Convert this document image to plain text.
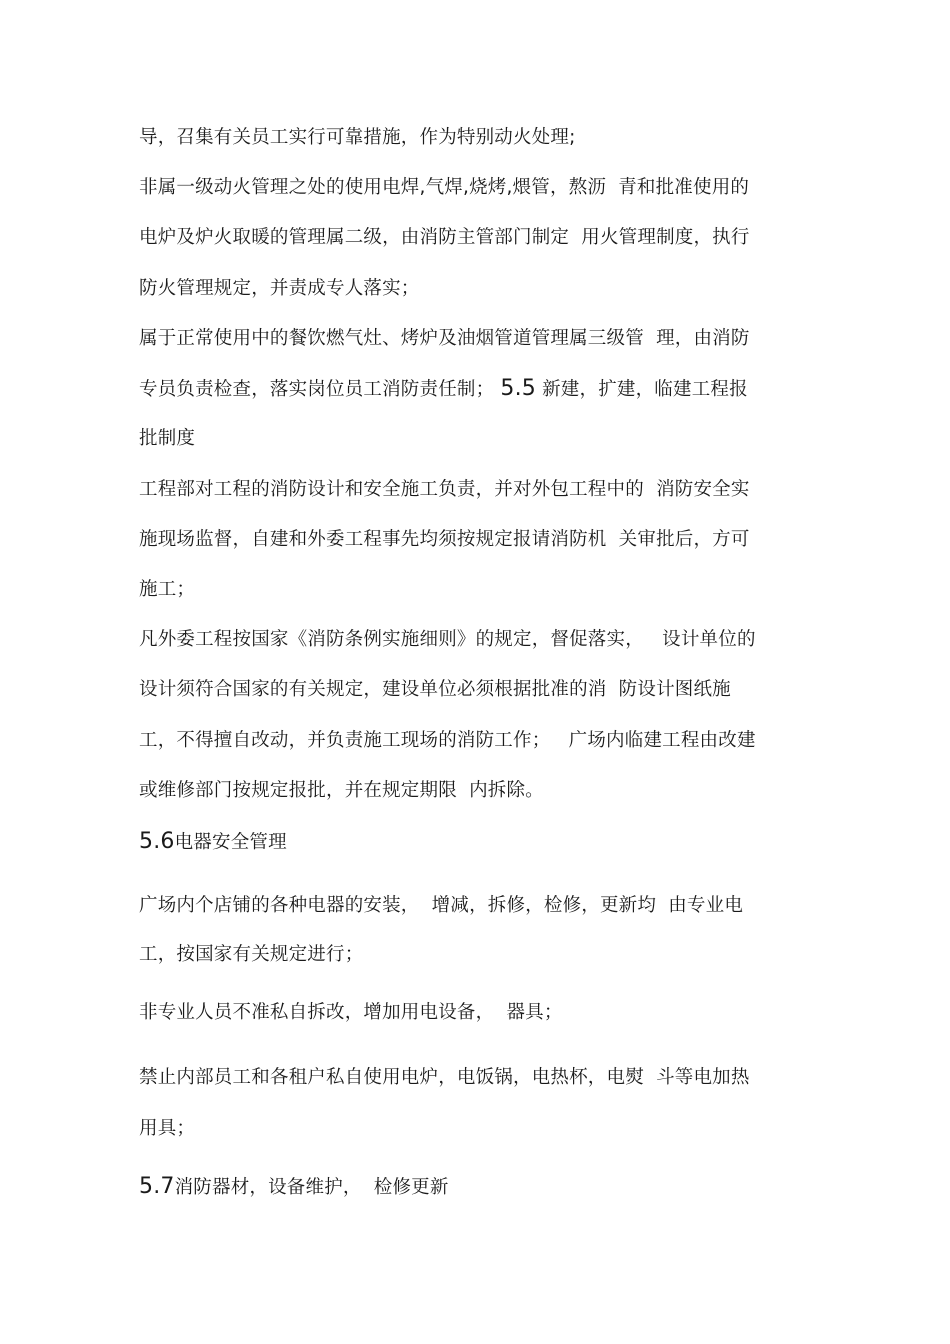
导，召集有关员工实行可靠措施，作为特别动火处理;
非属一级动火管理之处的使用电焊,气焊,烧烤,煨管，熬沥  青和批准使用的
电炉及炉火取暖的管理属二级，由消防主管部门制定  用火管理制度，执行
防火管理规定，并责成专人落实；
属于正常使用中的餐饮燃气灶、烤炉及油烟管道管理属三级管  理，由消防
专员负责检查，落实岗位员工消防责任制； 5.5 新建，扩建，临建工程报
批制度
工程部对工程的消防设计和安全施工负责，并对外包工程中的  消防安全实
施现场监督，自建和外委工程事先均须按规定报请消防机  关审批后，方可
施工；
凡外委工程按国家《消防条例实施细则》的规定，督促落实，   设计单位的
设计须符合国家的有关规定，建设单位必须根据批准的消  防设计图纸施
工，不得擅自改动，并负责施工现场的消防工作；   广场内临建工程由改建
或维修部门按规定报批，并在规定期限  内拆除。
5.6电器安全管理
广场内个店铺的各种电器的安装，  增减，拆修，检修，更新均  由专业电
工，按国家有关规定进行；
非专业人员不准私自拆改，增加用电设备，  器具；
禁止内部员工和各租户私自使用电炉，电饭锅，电热杯，电熨  斗等电加热
用具；
5.7消防器材，设备维护，  检修更新
